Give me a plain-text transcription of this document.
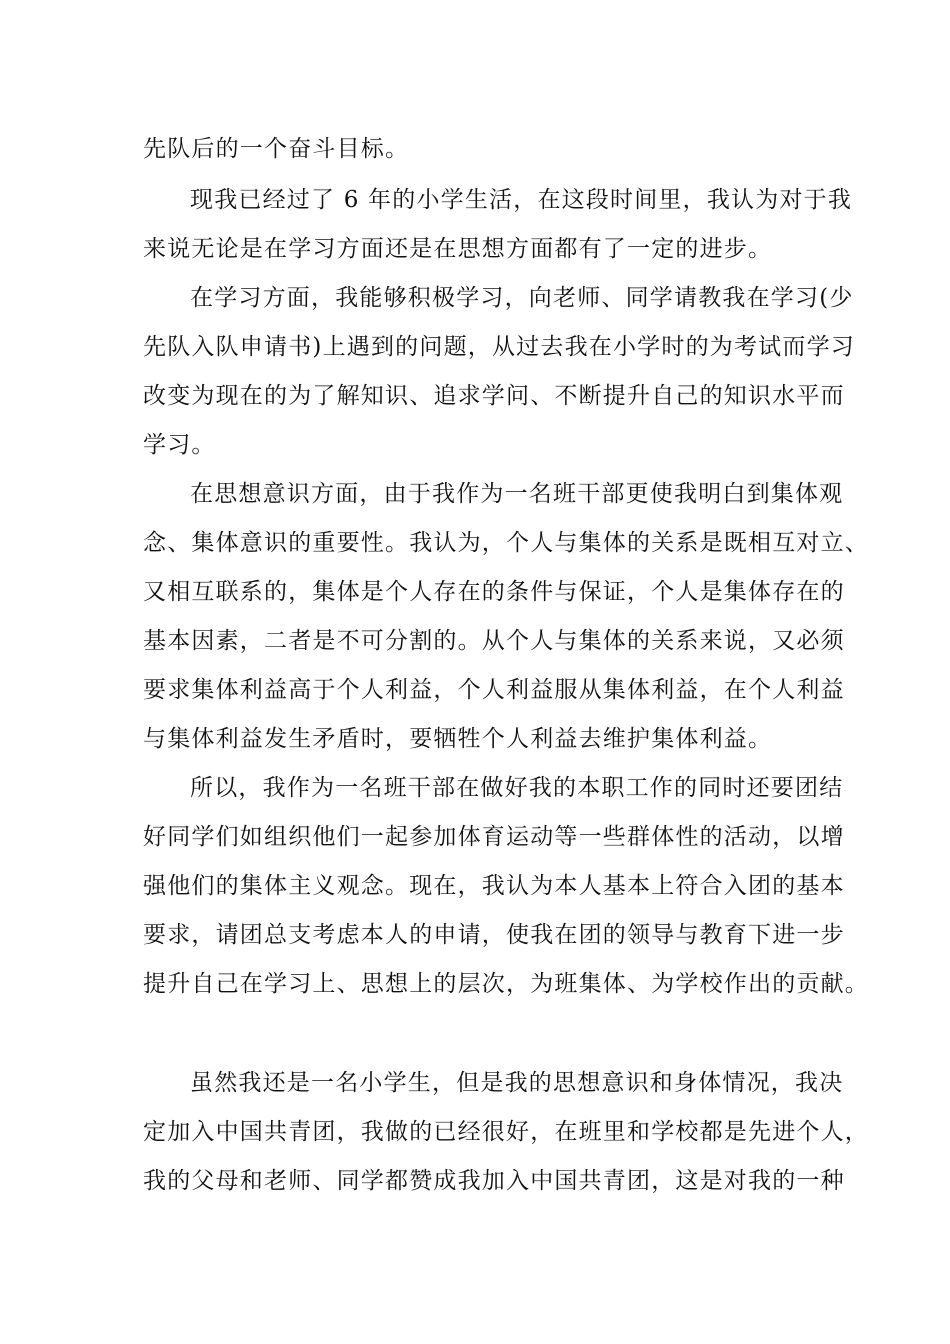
先队后的一个奋斗目标。
现我已经过了 6 年的小学生活，在这段时间里，我认为对于我
来说无论是在学习方面还是在思想方面都有了一定的进步。
在学习方面，我能够积极学习，向老师、同学请教我在学习(少
先队入队申请书)上遇到的问题，从过去我在小学时的为考试而学习
改变为现在的为了解知识、追求学问、不断提升自己的知识水平而
学习。
在思想意识方面，由于我作为一名班干部更使我明白到集体观
念、集体意识的重要性。我认为，个人与集体的关系是既相互对立、
又相互联系的，集体是个人存在的条件与保证，个人是集体存在的
基本因素，二者是不可分割的。从个人与集体的关系来说，又必须
要求集体利益高于个人利益，个人利益服从集体利益，在个人利益
与集体利益发生矛盾时，要牺牲个人利益去维护集体利益。
所以，我作为一名班干部在做好我的本职工作的同时还要团结
好同学们如组织他们一起参加体育运动等一些群体性的活动，以增
强他们的集体主义观念。现在，我认为本人基本上符合入团的基本
要求，请团总支考虑本人的申请，使我在团的领导与教育下进一步
提升自己在学习上、思想上的层次，为班集体、为学校作出的贡献。
虽然我还是一名小学生，但是我的思想意识和身体情况，我决
定加入中国共青团，我做的已经很好，在班里和学校都是先进个人，
我的父母和老师、同学都赞成我加入中国共青团，这是对我的一种
